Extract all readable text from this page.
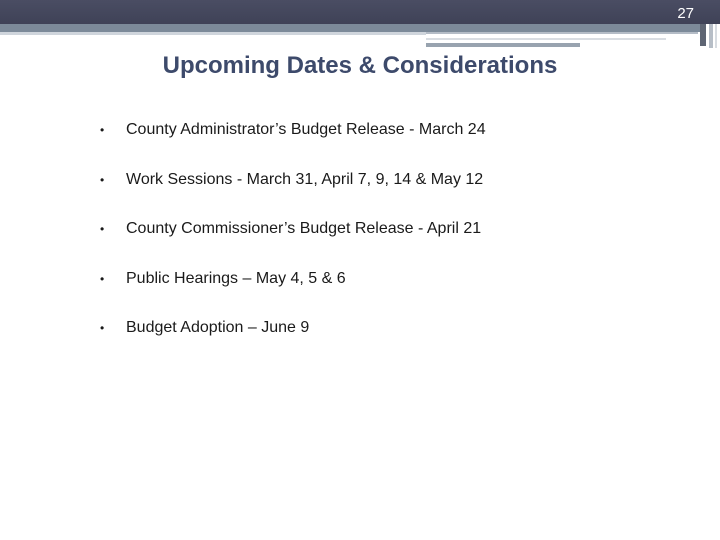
27
Upcoming Dates & Considerations
• County Administrator’s Budget Release - March 24
• Work Sessions - March 31, April 7, 9, 14 & May 12
• County Commissioner’s Budget Release - April 21
• Public Hearings – May 4, 5 & 6
• Budget Adoption – June 9
